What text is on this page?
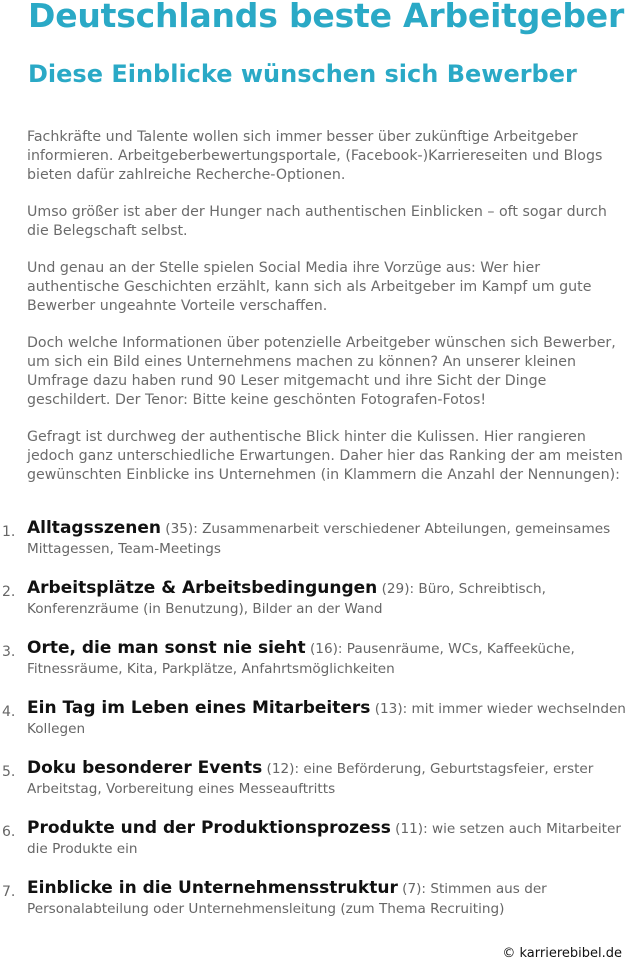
Deutschlands beste Arbeitgeber
Diese Einblicke wünschen sich Bewerber

Fachkräfte und Talente wollen sich immer besser über zukünftige Arbeitgeber informieren. Arbeitgeberbewertungsportale, (Facebook-)Karriereseiten und Blogs bieten dafür zahlreiche Recherche-Optionen.

Umso größer ist aber der Hunger nach authentischen Einblicken – oft sogar durch die Belegschaft selbst.

Und genau an der Stelle spielen Social Media ihre Vorzüge aus: Wer hier authentische Geschichten erzählt, kann sich als Arbeitgeber im Kampf um gute Bewerber ungeahnte Vorteile verschaffen.

Doch welche Informationen über potenzielle Arbeitgeber wünschen sich Bewerber, um sich ein Bild eines Unternehmens machen zu können? An unserer kleinen Umfrage dazu haben rund 90 Leser mitgemacht und ihre Sicht der Dinge geschildert. Der Tenor: Bitte keine geschönten Fotografen-Fotos!

Gefragt ist durchweg der authentische Blick hinter die Kulissen. Hier rangieren jedoch ganz unterschiedliche Erwartungen. Daher hier das Ranking der am meisten gewünschten Einblicke ins Unternehmen (in Klammern die Anzahl der Nennungen):

1. Alltagsszenen (35): Zusammenarbeit verschiedener Abteilungen, gemeinsames Mittagessen, Team-Meetings
2. Arbeitsplätze & Arbeitsbedingungen (29): Büro, Schreibtisch, Konferenzräume (in Benutzung), Bilder an der Wand
3. Orte, die man sonst nie sieht (16): Pausenräume, WCs, Kaffeeküche, Fitnessräume, Kita, Parkplätze, Anfahrtsmöglichkeiten
4. Ein Tag im Leben eines Mitarbeiters (13): mit immer wieder wechselnden Kollegen
5. Doku besonderer Events (12): eine Beförderung, Geburtstagsfeier, erster Arbeitstag, Vorbereitung eines Messeauftritts
6. Produkte und der Produktionsprozess (11): wie setzen auch Mitarbeiter die Produkte ein
7. Einblicke in die Unternehmensstruktur (7): Stimmen aus der Personalabteilung oder Unternehmensleitung (zum Thema Recruiting)
© karrierebibel.de
